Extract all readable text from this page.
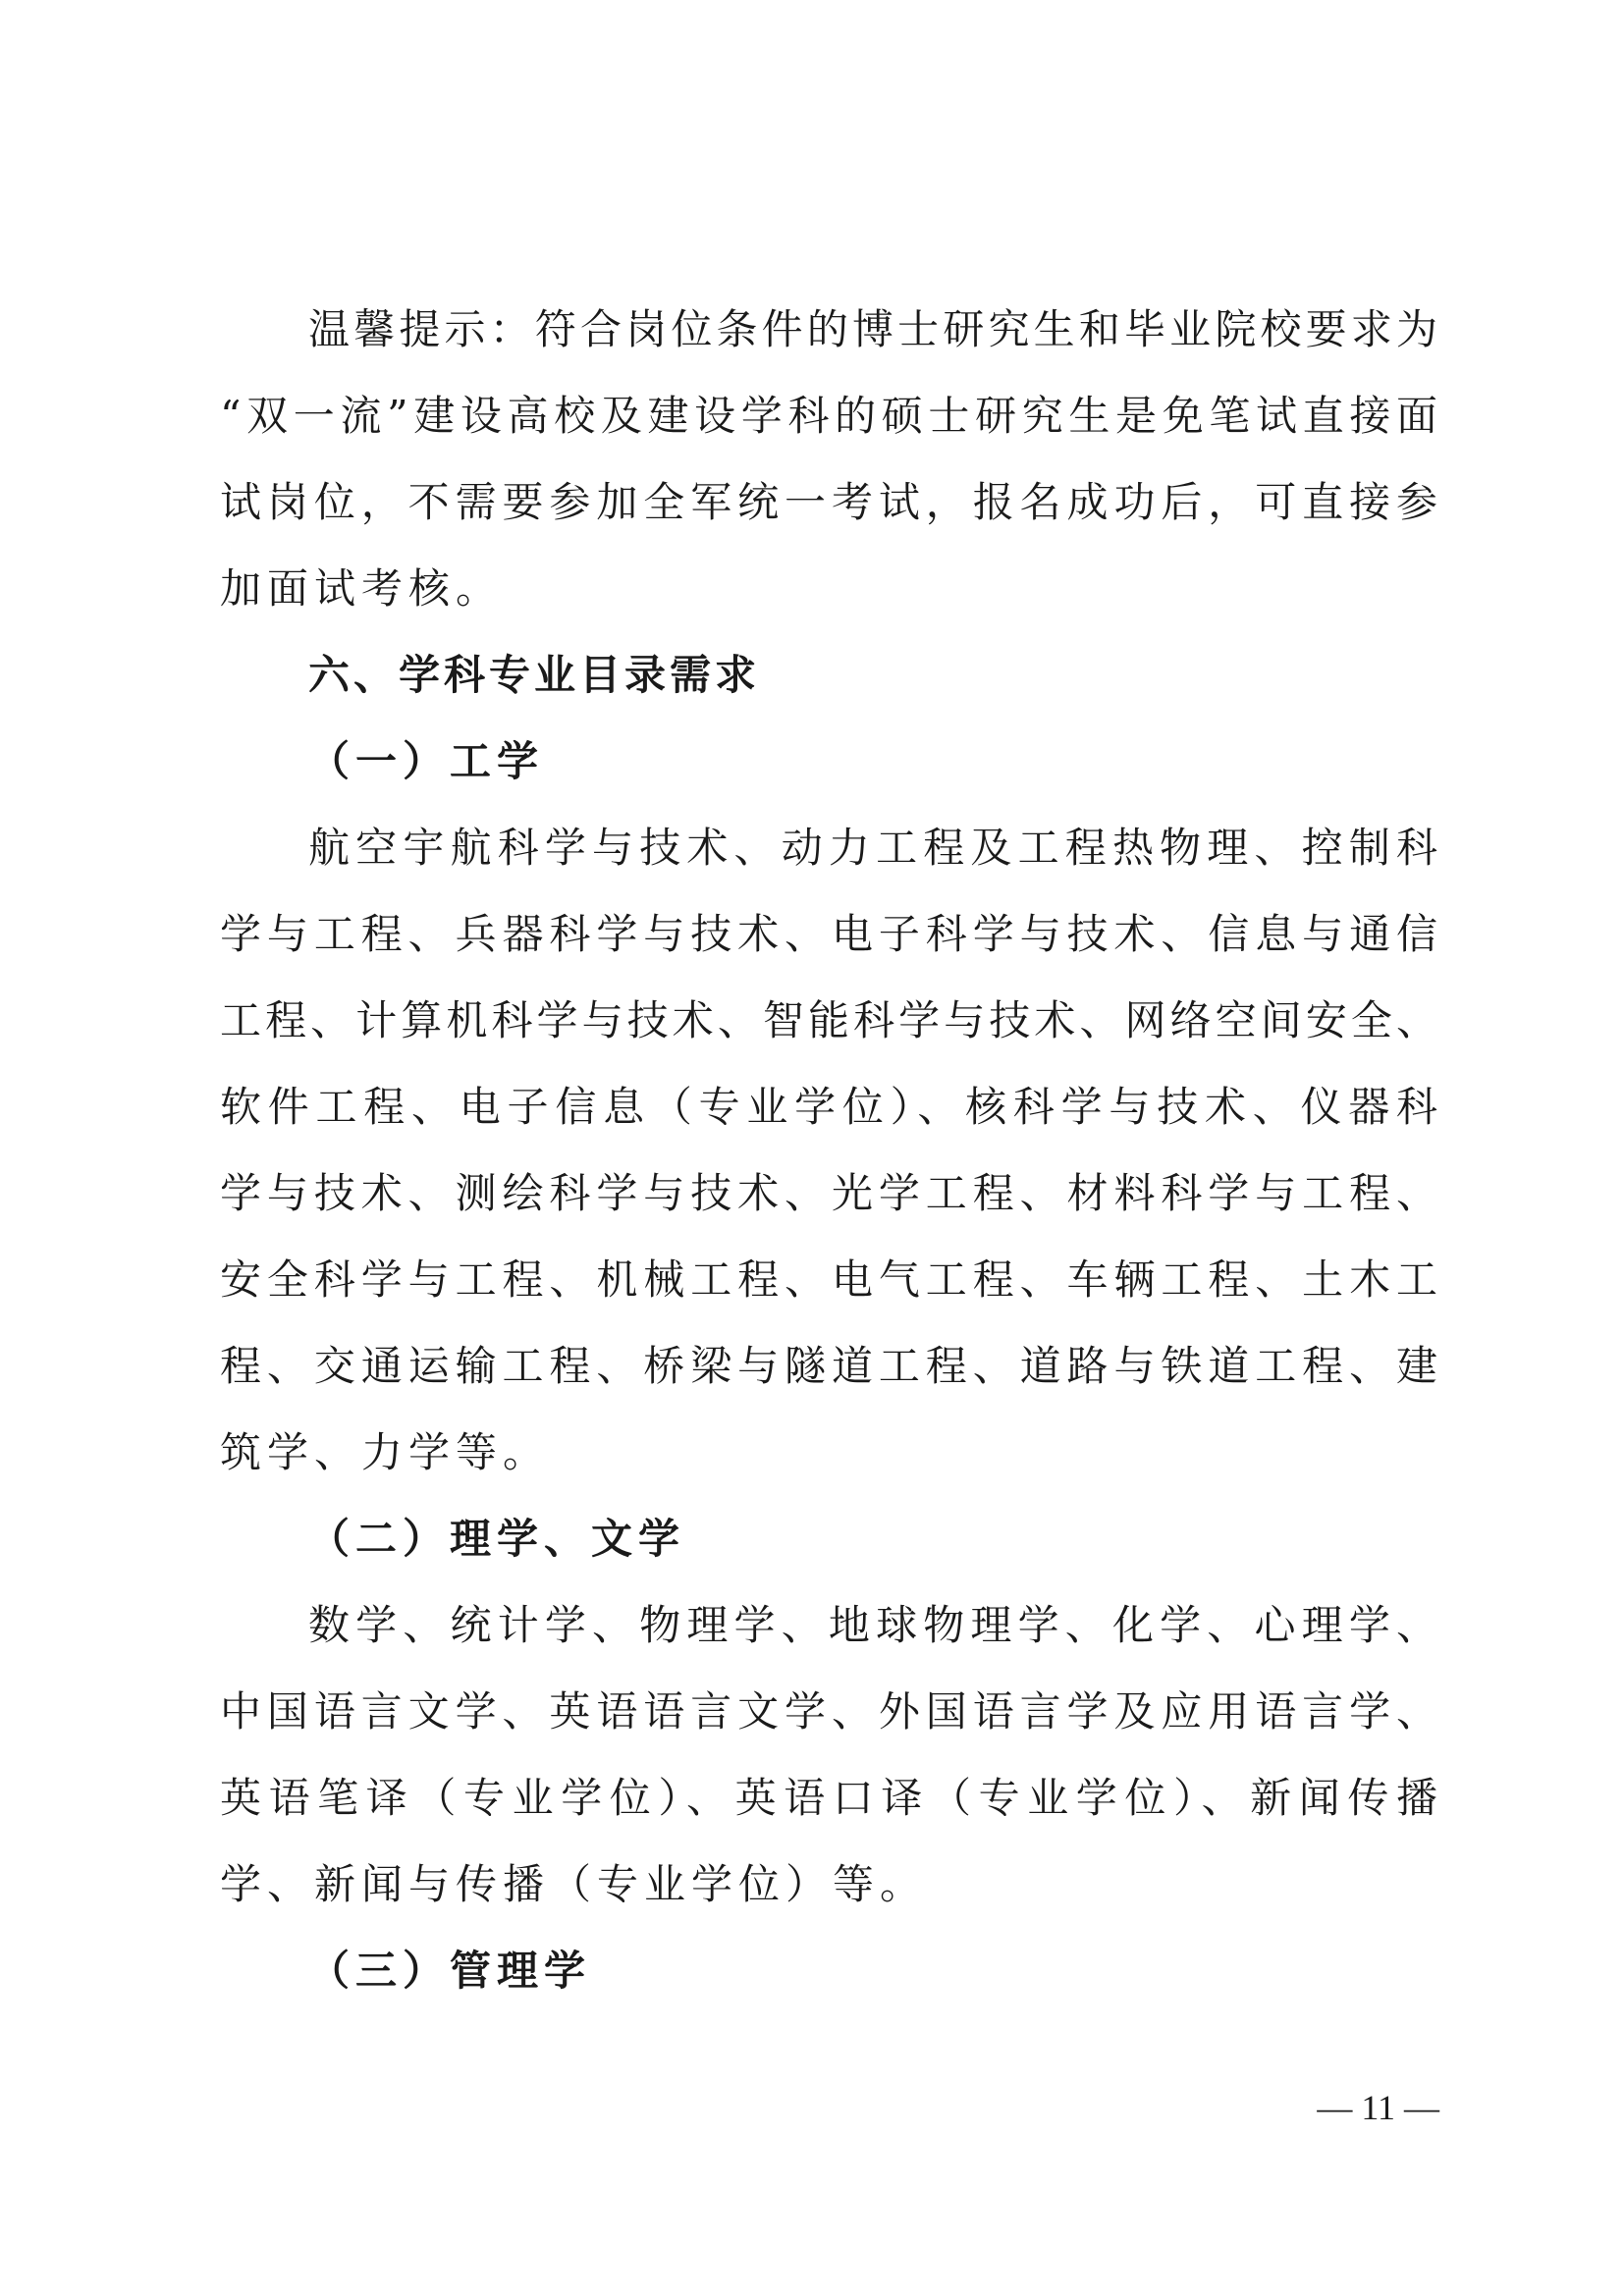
温馨提示：符合岗位条件的博士研究生和毕业院校要求为
“双一流”建设高校及建设学科的硕士研究生是免笔试直接面
试岗位，不需要参加全军统一考试，报名成功后，可直接参
加面试考核。
六、学科专业目录需求
（一）工学
航空宇航科学与技术、动力工程及工程热物理、控制科
学与工程、兵器科学与技术、电子科学与技术、信息与通信
工程、计算机科学与技术、智能科学与技术、网络空间安全、
软件工程、电子信息（专业学位）、核科学与技术、仪器科
学与技术、测绘科学与技术、光学工程、材料科学与工程、
安全科学与工程、机械工程、电气工程、车辆工程、土木工
程、交通运输工程、桥梁与隧道工程、道路与铁道工程、建
筑学、力学等。
（二）理学、文学
数学、统计学、物理学、地球物理学、化学、心理学、
中国语言文学、英语语言文学、外国语言学及应用语言学、
英语笔译（专业学位）、英语口译（专业学位）、新闻传播
学、新闻与传播（专业学位）等。
（三）管理学
— 11 —
